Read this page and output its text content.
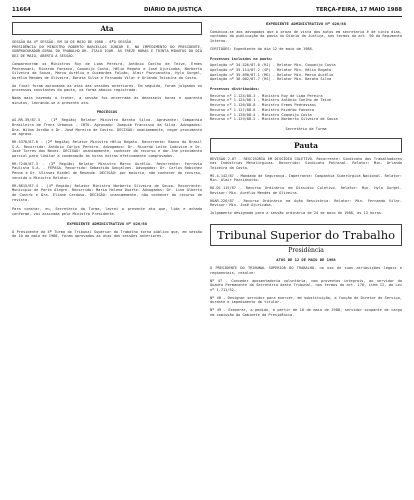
11664	DIÁRIO DA JUSTIÇA	TERÇA-FEIRA, 17 MAIO 1988
Ata

SESSÃO DA 4ª SESSÃO, EM 10 DE MAIO DE 1988 - 8ªA SESSÃO

PRESIDÊNCIA DO MINISTRO ROBERTO BARCELLOS JÚNIOR E, NO IMPEDIMENTO DO PRESIDENTE, SUBPROCURADOR-GERAL DO TRABALHO DR. ÍTALO IGOR. ÀS TREZE HORAS E TRINTA MINUTOS DO DIA DEZ DE MAIO, ABERTA A SESSÃO.

Compareceram os Ministros Ruy de Lima Pereira, Antônio Coelho de Teive, Ermes Pedrassani, Ricardo Fonseca, Coqueijo Costa, Hélio Regato e José Ajuricaba, Norberto Silveira de Souza, Marco Aurélio e Guimarães Falcão, Almir Pazzianotto, Hylo Gurgel, Aurélio Mendes de Oliveira, Barata Silva e Fernando Vilar e Orlando Teixeira da Costa.

Ao final foram aprovadas as atas das sessões anteriores. Em seguida, foram julgados os processos constantes da pauta, na forma abaixo registrada.

Nada mais havendo a tratar, a sessão foi encerrada às dezesseis horas e quarenta minutos, lavrando-se a presente ata.

PROCESSOS

AG-RR-39/87-5 - (1ª Região) Relator Ministro Barata Silva. Agravante: Companhia Brasileira de Trens Urbanos - CBTU. Agravado: Joaquim Francisco da Silva. Advogados: Dra. Wilma Jordão e Dr. José Moreira de Castro. DECISÃO: unanimemente, negar provimento ao agravo.

RR-5376/87-0 - (2ª Região) Relator Ministro Hélio Regato. Recorrente: Banco do Brasil S.A. Recorrido: Antônio Carlos Pereira. Advogados: Dr. Ricardo Leite Luduvice e Dr. José Torres das Neves. DECISÃO: unanimemente, conhecer do recurso e dar-lhe provimento parcial para limitar a condenação às horas extras efetivamente comprovadas.

RR-7240/87-3 - (3ª Região) Relator Ministro Marco Aurélio. Recorrente: Ferrovia Paulista S.A. - FEPASA. Recorrido: Sebastião Gonçalves. Advogados: Dr. Carlos Robichez Penna e Dr. Ulisses Riedel de Resende. DECISÃO: por maioria, não conhecer do recurso, vencido o Ministro Relator.

RR-8815/87-4 - (4ª Região) Relator Ministro Norberto Silveira de Souza. Recorrente: Município de Porto Alegre. Recorrido: Maria Helena Duarte. Advogados: Dr. Lino Alberto de Castro e Dra. Eliane Cardoso. DECISÃO: unanimemente, não conhecer do recurso de revista.

Para constar, eu, Secretário da Turma, lavrei a presente ata que, lida e achada conforme, vai assinada pelo Ministro Presidente.

EXPEDIENTE ADMINISTRATIVO Nº 026/88

O Presidente da 4ª Turma do Tribunal Superior do Trabalho torna público que, em sessão de 10 de maio de 1988, foram aprovadas as atas das sessões anteriores.

EXPEDIENTE ADMINISTRATIVO Nº 026/88

Comunica-se aos advogados que o prazo de vista dos autos em secretaria é de cinco dias, contados da publicação da pauta no Diário da Justiça, nos termos do art. 90 do Regimento Interno.

CERTIDÕES: Expediente do dia 12 de maio de 1988.

Processos incluídos na pauta:

Apelação nº 34.526/87-0 (RJ) - Relator Min. Coqueijo Costa

Apelação nº 35.114/87-2 (SP) - Relator Min. Hélio Regato

Apelação nº 35.890/87-1 (MG) - Relator Min. Marco Aurélio

Apelação nº 36.002/87-7 (RS) - Relator Min. Barata Silva

Processos distribuídos:

Recurso nº 1.124/88-3 - Ministro Ruy de Lima Pereira

Recurso nº 1.125/88-1 - Ministro Antônio Coelho de Teive

Recurso nº 1.126/88-8 - Ministro Ermes Pedrassani

Recurso nº 1.127/88-6 - Ministro Ricardo Fonseca

Recurso nº 1.128/88-4 - Ministro Coqueijo Costa

Recurso nº 1.129/88-2 - Ministro Norberto Silveira de Souza

Secretário da Turma
Pauta

REVISÃO 2-87 - RESCISÓRIA EM DISSÍDIO COLETIVO. Recorrente: Sindicato dos Trabalhadores nas Indústrias Metalúrgicas. Recorrido: Sindicato Patronal. Relator: Min. Orlando Teixeira da Costa.

MS-4.142/87 - Mandado de Segurança. Impetrante: Companhia Siderúrgica Nacional. Relator: Min. Almir Pazzianotto.

RO-DC-115/87 - Recurso Ordinário em Dissídio Coletivo. Relator: Min. Hylo Gurgel. Revisor: Min. Aurélio Mendes de Oliveira.

ROAR-226/87 - Recurso Ordinário em Ação Rescisória. Relator: Min. Fernando Vilar. Revisor: Min. José Ajuricaba.

Julgamento designado para a sessão ordinária de 24 de maio de 1988, às 13 horas.

Tribunal Superior do Trabalho
Presidência
ATOS DE 12 DE MAIO DE 1988

O PRESIDENTE DO TRIBUNAL SUPERIOR DO TRABALHO, no uso de suas atribuições legais e regimentais, resolve:

Nº 47 - Conceder aposentadoria voluntária, com proventos integrais, ao servidor do Quadro Permanente da Secretaria deste Tribunal, nos termos do art. 176, item II, da Lei nº 1.711/52.

Nº 48 - Designar servidor para exercer, em substituição, a função de Diretor de Serviço, durante o impedimento do titular.

Nº 49 - Exonerar, a pedido, a partir de 10 de maio de 1988, servidor ocupante de cargo em comissão do Gabinete da Presidência.
